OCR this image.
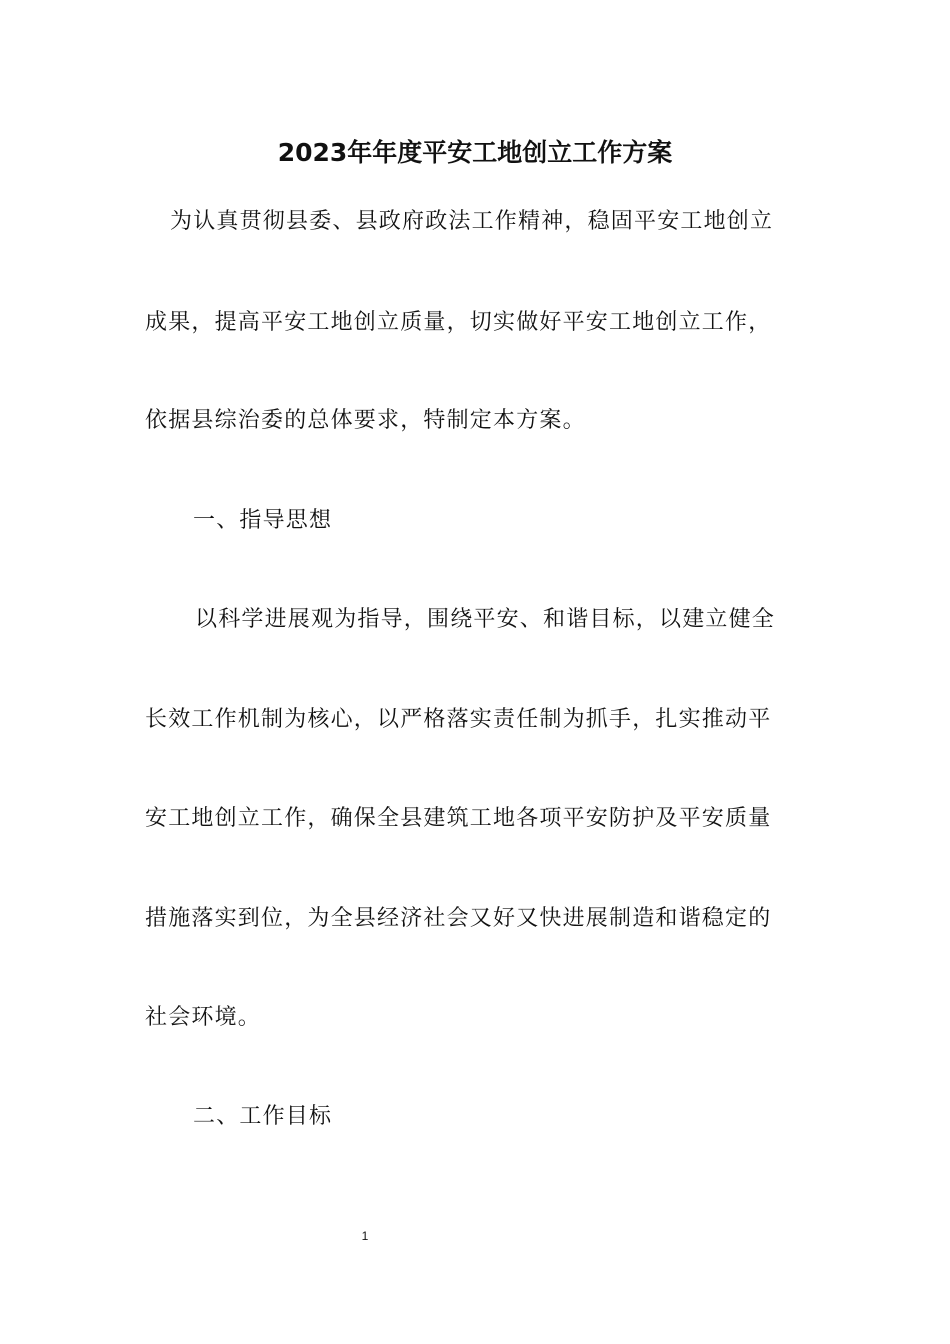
2023年年度平安工地创立工作方案

为认真贯彻县委、县政府政法工作精神，稳固平安工地创立

成果，提高平安工地创立质量，切实做好平安工地创立工作，

依据县综治委的总体要求，特制定本方案。

一、指导思想

以科学进展观为指导，围绕平安、和谐目标，以建立健全

长效工作机制为核心，以严格落实责任制为抓手，扎实推动平

安工地创立工作，确保全县建筑工地各项平安防护及平安质量

措施落实到位，为全县经济社会又好又快进展制造和谐稳定的

社会环境。

二、工作目标

1
